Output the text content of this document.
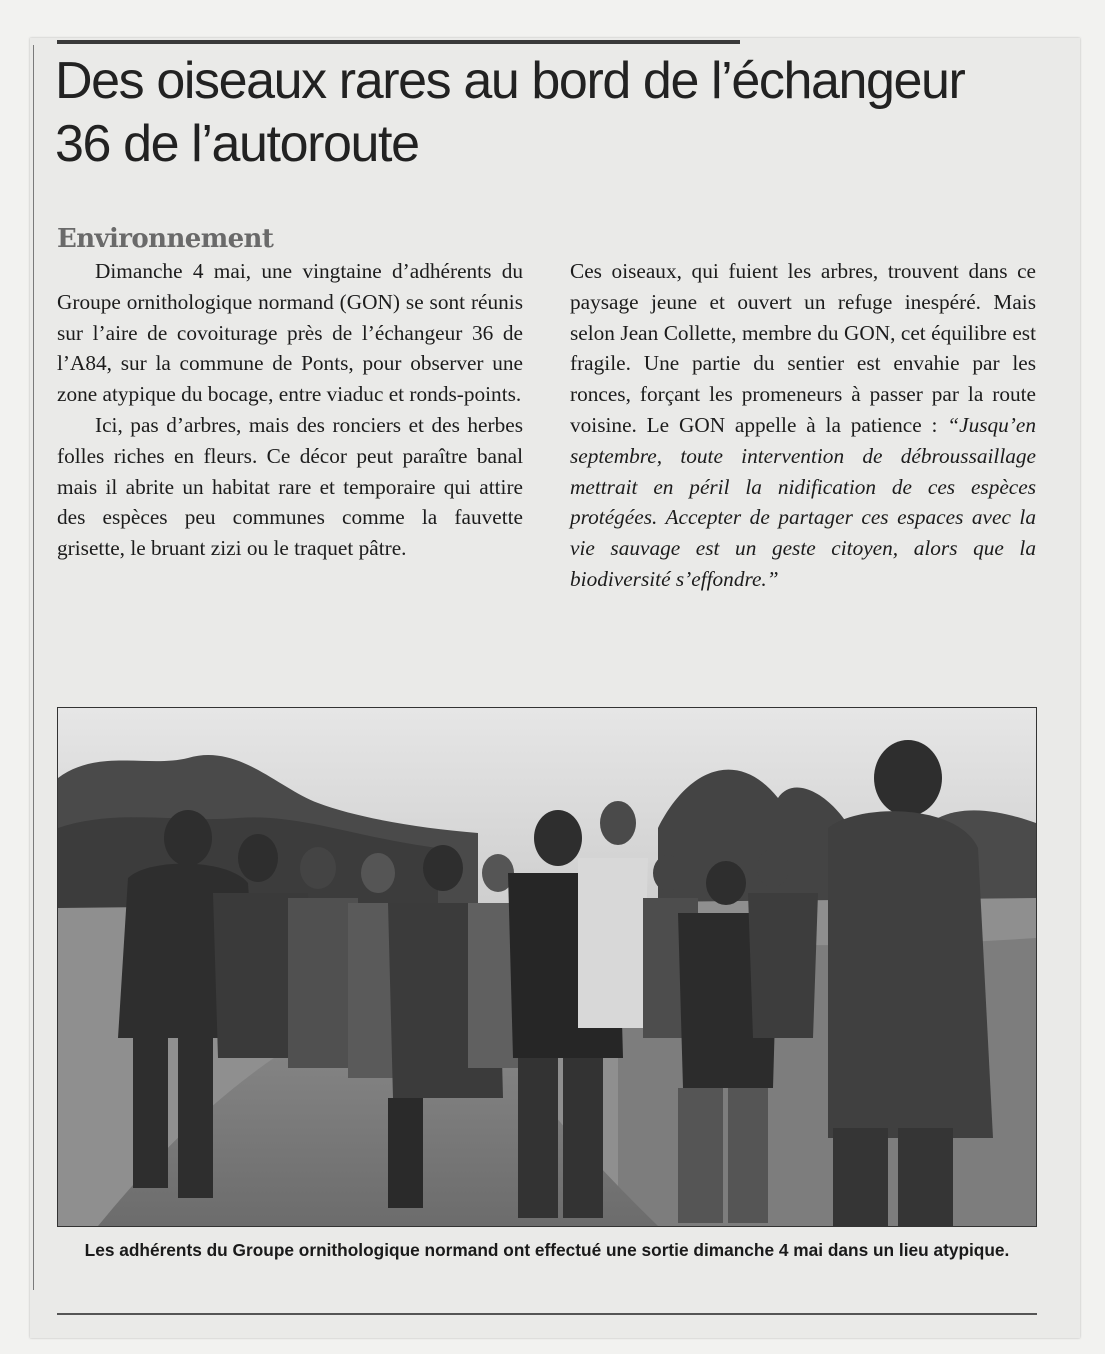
Des oiseaux rares au bord de l’échangeur 36 de l’autoroute
Environnement

Dimanche 4 mai, une vingtaine d’adhérents du Groupe ornithologique normand (GON) se sont réunis sur l’aire de covoiturage près de l’échangeur 36 de l’A84, sur la commune de Ponts, pour observer une zone atypique du bocage, entre viaduc et ronds-points.

Ici, pas d’arbres, mais des ronciers et des herbes folles riches en fleurs. Ce décor peut paraître banal mais il abrite un habitat rare et temporaire qui attire des espèces peu communes comme la fauvette grisette, le bruant zizi ou le traquet pâtre.

Ces oiseaux, qui fuient les arbres, trouvent dans ce paysage jeune et ouvert un refuge inespéré. Mais selon Jean Collette, membre du GON, cet équilibre est fragile. Une partie du sentier est envahie par les ronces, forçant les promeneurs à passer par la route voisine. Le GON appelle à la patience : “Jusqu’en septembre, toute intervention de débroussaillage mettrait en péril la nidification de ces espèces protégées. Accepter de partager ces espaces avec la vie sauvage est un geste citoyen, alors que la biodiversité s’effondre.”

Les adhérents du Groupe ornithologique normand ont effectué une sortie dimanche 4 mai dans un lieu atypique.
